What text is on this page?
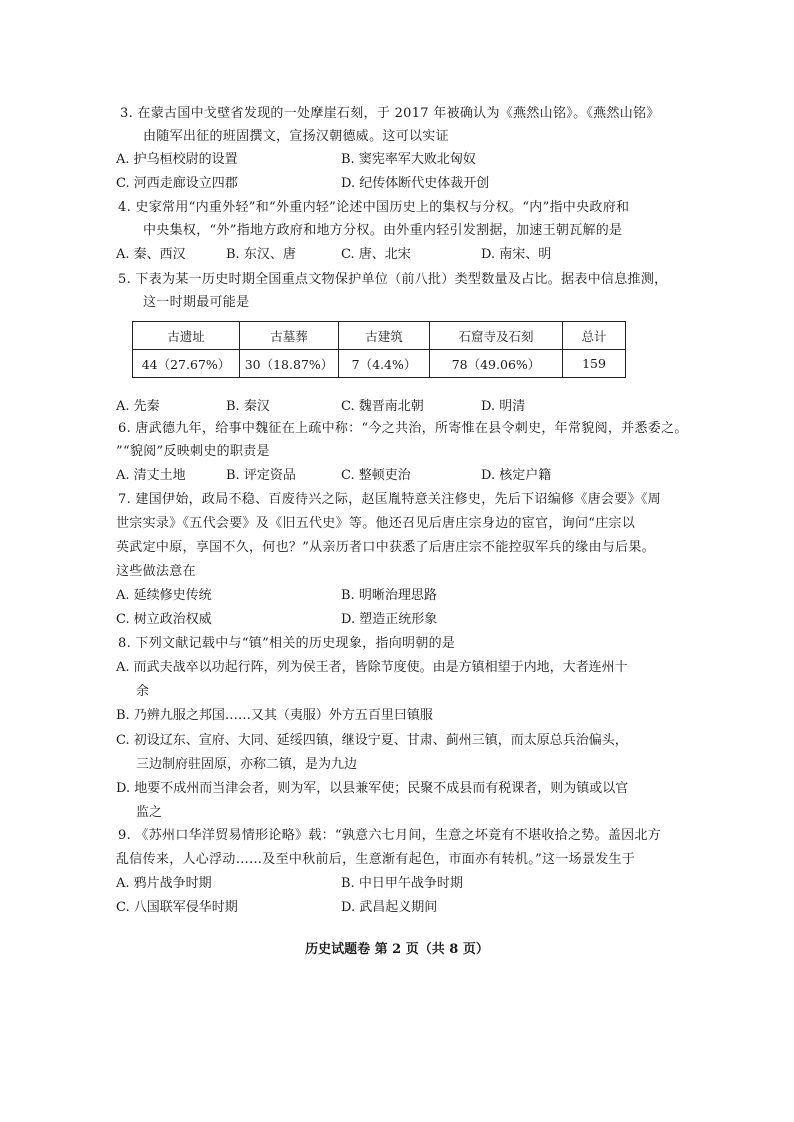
3. 在蒙古国中戈壁省发现的一处摩崖石刻，于 2017 年被确认为《燕然山铭》。《燕然山铭》
由随军出征的班固撰文，宣扬汉朝德威。这可以实证
A. 护乌桓校尉的设置	B. 窦宪率军大败北匈奴
C. 河西走廊设立四郡	D. 纪传体断代史体裁开创
4. 史家常用“内重外轻”和“外重内轻”论述中国历史上的集权与分权。“内”指中央政府和
中央集权，“外”指地方政府和地方分权。由外重内轻引发割据，加速王朝瓦解的是
A. 秦、西汉	B. 东汉、唐	C. 唐、北宋	D. 南宋、明
5. 下表为某一历史时期全国重点文物保护单位（前八批）类型数量及占比。据表中信息推测，
这一时期最可能是
古遗址	古墓葬	古建筑	石窟寺及石刻	总计
44（27.67%）	30（18.87%）	7（4.4%）	78（49.06%）	159
A. 先秦	B. 秦汉	C. 魏晋南北朝	D. 明清
6. 唐武德九年，给事中魏征在上疏中称：“今之共治，所寄惟在县令刺史，年常貌阅，并悉委之。
”“貌阅”反映刺史的职责是
A. 清丈土地	B. 评定资品	C. 整顿吏治	D. 核定户籍
7. 建国伊始，政局不稳、百废待兴之际，赵匡胤特意关注修史，先后下诏编修《唐会要》《周
世宗实录》《五代会要》及《旧五代史》等。他还召见后唐庄宗身边的宦官，询问“庄宗以
英武定中原，享国不久，何也？”从亲历者口中获悉了后唐庄宗不能控驭军兵的缘由与后果。
这些做法意在
A. 延续修史传统	B. 明晰治理思路
C. 树立政治权威	D. 塑造正统形象
8. 下列文献记载中与“镇”相关的历史现象，指向明朝的是
A. 而武夫战卒以功起行阵，列为侯王者，皆除节度使。由是方镇相望于内地，大者连州十
余
B. 乃辨九服之邦国……又其（夷服）外方五百里曰镇服
C. 初设辽东、宣府、大同、延绥四镇，继设宁夏、甘肃、蓟州三镇，而太原总兵治偏头，
三边制府驻固原，亦称二镇，是为九边
D. 地要不成州而当津会者，则为军，以县兼军使；民聚不成县而有税课者，则为镇或以官
监之
9. 《苏州口华洋贸易情形论略》载：“孰意六七月间，生意之坏竟有不堪收拾之势。盖因北方
乱信传来，人心浮动……及至中秋前后，生意渐有起色，市面亦有转机。”这一场景发生于
A. 鸦片战争时期	B. 中日甲午战争时期
C. 八国联军侵华时期	D. 武昌起义期间
历史试题卷 第 2 页（共 8 页）
